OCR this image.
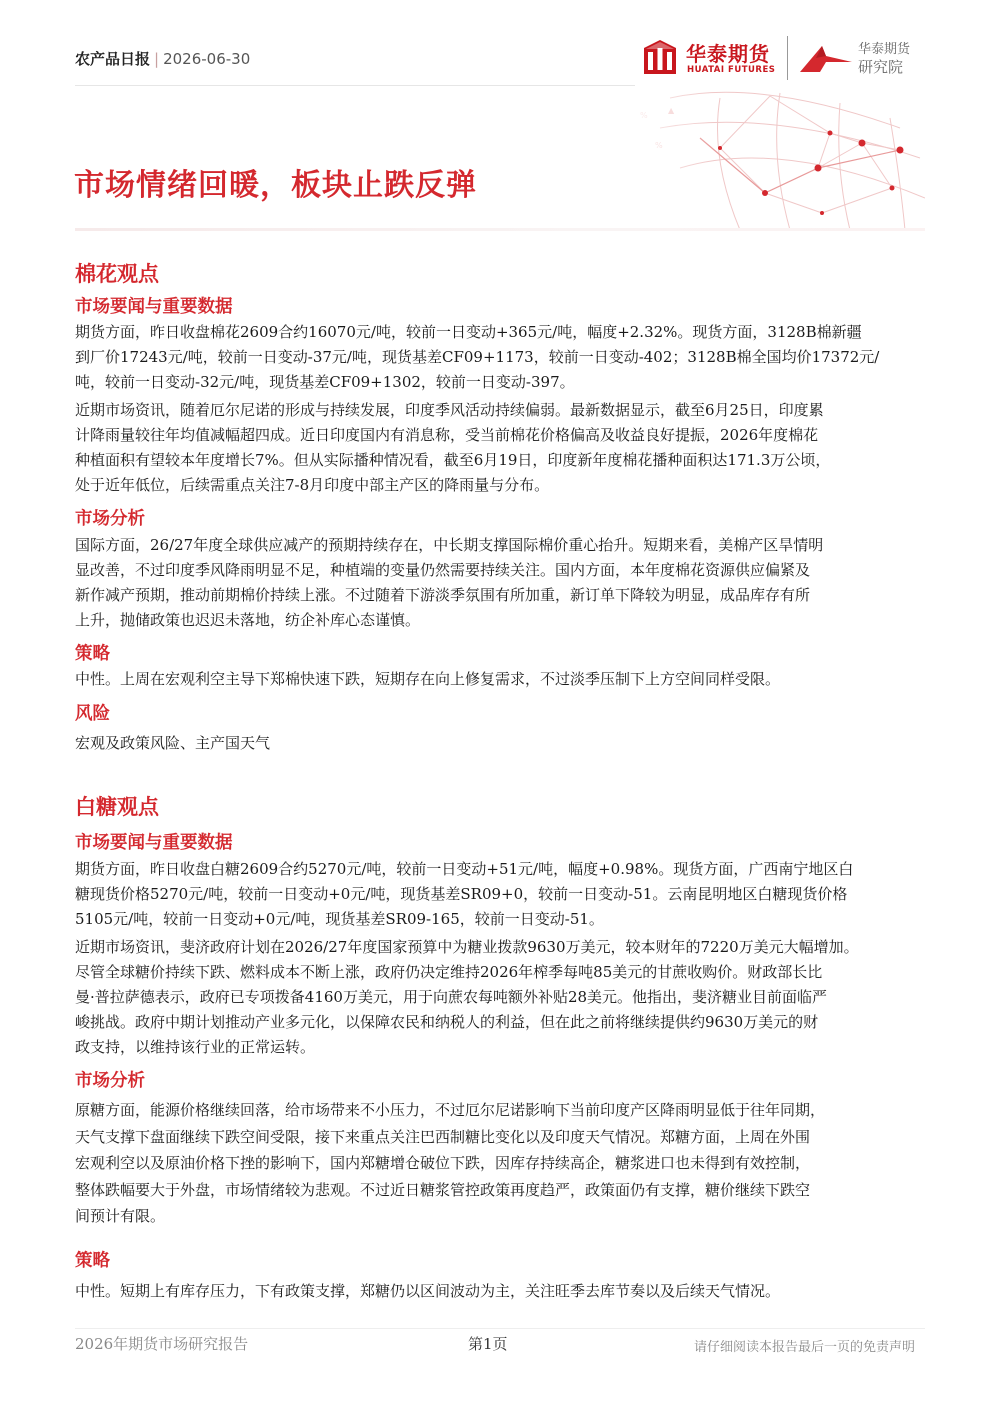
农产品日报 | 2026-06-30	华泰期货
HUATAI FUTURES
华泰期货
研究院
市场情绪回暖，板块止跌反弹
棉花观点
市场要闻与重要数据
期货方面，昨日收盘棉花2609合约16070元/吨，较前一日变动+365元/吨，幅度+2.32%。现货方面，3128B棉新疆
到厂价17243元/吨，较前一日变动-37元/吨，现货基差CF09+1173，较前一日变动-402；3128B棉全国均价17372元/
吨，较前一日变动-32元/吨，现货基差CF09+1302，较前一日变动-397。
近期市场资讯，随着厄尔尼诺的形成与持续发展，印度季风活动持续偏弱。最新数据显示，截至6月25日，印度累
计降雨量较往年均值减幅超四成。近日印度国内有消息称，受当前棉花价格偏高及收益良好提振，2026年度棉花
种植面积有望较本年度增长7%。但从实际播种情况看，截至6月19日，印度新年度棉花播种面积达171.3万公顷，
处于近年低位，后续需重点关注7-8月印度中部主产区的降雨量与分布。
市场分析
国际方面，26/27年度全球供应减产的预期持续存在，中长期支撑国际棉价重心抬升。短期来看，美棉产区旱情明
显改善，不过印度季风降雨明显不足，种植端的变量仍然需要持续关注。国内方面，本年度棉花资源供应偏紧及
新作减产预期，推动前期棉价持续上涨。不过随着下游淡季氛围有所加重，新订单下降较为明显，成品库存有所
上升，抛储政策也迟迟未落地，纺企补库心态谨慎。
策略
中性。上周在宏观利空主导下郑棉快速下跌，短期存在向上修复需求，不过淡季压制下上方空间同样受限。
风险
宏观及政策风险、主产国天气
白糖观点
市场要闻与重要数据
期货方面，昨日收盘白糖2609合约5270元/吨，较前一日变动+51元/吨，幅度+0.98%。现货方面，广西南宁地区白
糖现货价格5270元/吨，较前一日变动+0元/吨，现货基差SR09+0，较前一日变动-51。云南昆明地区白糖现货价格
5105元/吨，较前一日变动+0元/吨，现货基差SR09-165，较前一日变动-51。
近期市场资讯，斐济政府计划在2026/27年度国家预算中为糖业拨款9630万美元，较本财年的7220万美元大幅增加。
尽管全球糖价持续下跌、燃料成本不断上涨，政府仍决定维持2026年榨季每吨85美元的甘蔗收购价。财政部长比
曼·普拉萨德表示，政府已专项拨备4160万美元，用于向蔗农每吨额外补贴28美元。他指出，斐济糖业目前面临严
峻挑战。政府中期计划推动产业多元化，以保障农民和纳税人的利益，但在此之前将继续提供约9630万美元的财
政支持，以维持该行业的正常运转。
市场分析
原糖方面，能源价格继续回落，给市场带来不小压力，不过厄尔尼诺影响下当前印度产区降雨明显低于往年同期，
天气支撑下盘面继续下跌空间受限，接下来重点关注巴西制糖比变化以及印度天气情况。郑糖方面，上周在外围
宏观利空以及原油价格下挫的影响下，国内郑糖增仓破位下跌，因库存持续高企，糖浆进口也未得到有效控制，
整体跌幅要大于外盘，市场情绪较为悲观。不过近日糖浆管控政策再度趋严，政策面仍有支撑，糖价继续下跌空
间预计有限。
策略
中性。短期上有库存压力，下有政策支撑，郑糖仍以区间波动为主，关注旺季去库节奏以及后续天气情况。
2026年期货市场研究报告	第1页	请仔细阅读本报告最后一页的免责声明
